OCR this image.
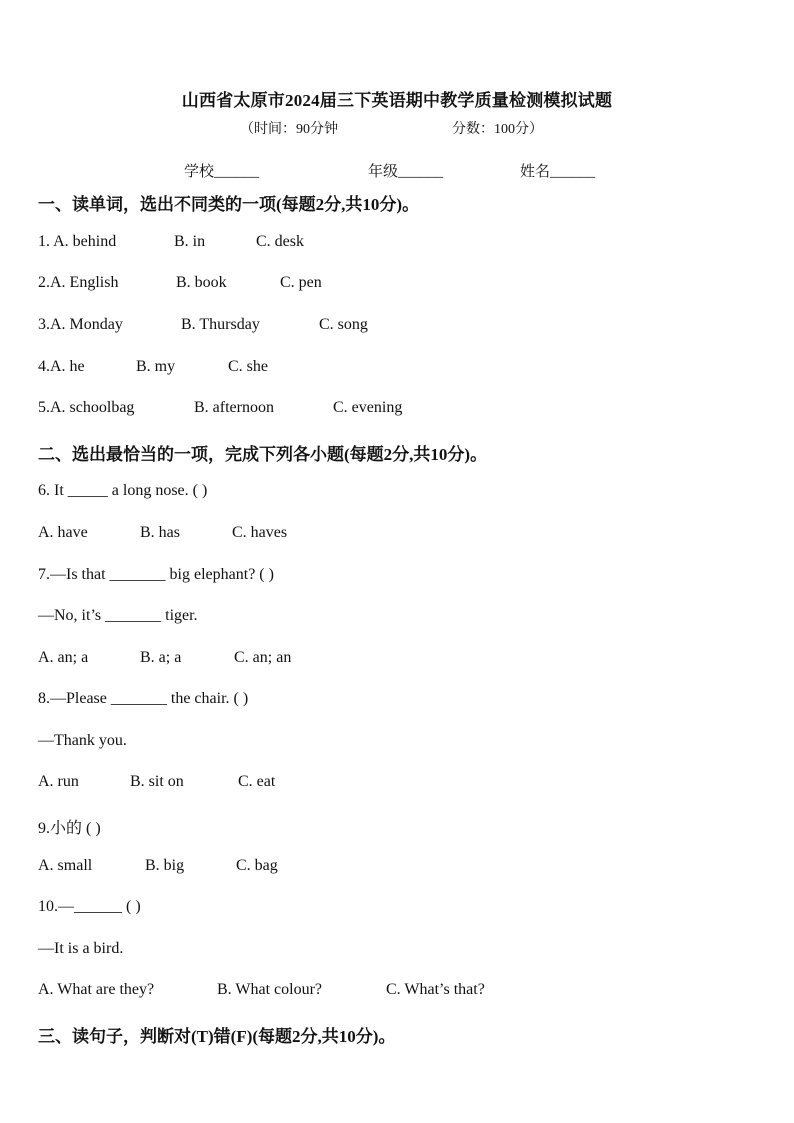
山西省太原市2024届三下英语期中教学质量检测模拟试题
（时间：90分钟	分数：100分）
学校______	年级______	姓名______
一、读单词，选出不同类的一项(每题2分,共10分)。
1. A. behind	B. in	C. desk
2.A. English	B. book	C. pen
3.A. Monday	B. Thursday	C. song
4.A. he	B. my	C. she
5.A. schoolbag	B. afternoon	C. evening
二、选出最恰当的一项，完成下列各小题(每题2分,共10分)。
6. It _____ a long nose. ( )
A. have	B. has	C. haves
7.—Is that _______ big elephant? ( )
—No, it’s _______ tiger.
A. an; a	B. a; a	C. an; an
8.—Please _______ the chair. ( )
—Thank you.
A. run	B. sit on	C. eat
9.小的 ( )
A. small	B. big	C. bag
10.—______ ( )
—It is a bird.
A. What are they?	B. What colour?	C. What’s that?
三、读句子，判断对(T)错(F)(每题2分,共10分)。
